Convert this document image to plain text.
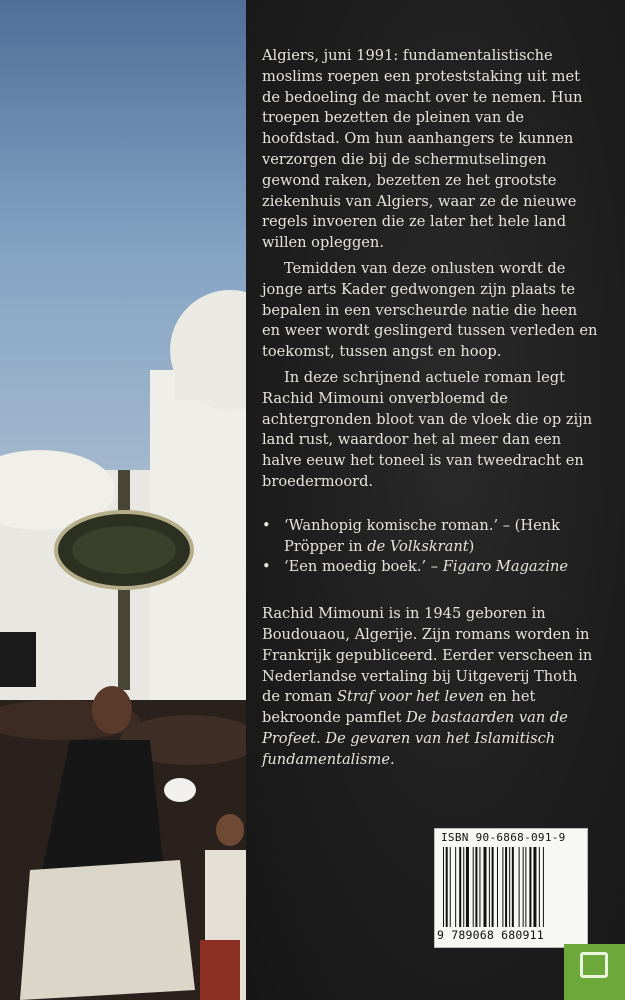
Algiers, juni 1991: fundamentalistische moslims roepen een proteststaking uit met de bedoeling de macht over te nemen. Hun troepen bezetten de pleinen van de hoofdstad. Om hun aanhangers te kunnen verzorgen die bij de schermutselingen gewond raken, bezetten ze het grootste ziekenhuis van Algiers, waar ze de nieuwe regels invoeren die ze later het hele land willen opleggen.

Temidden van deze onlusten wordt de jonge arts Kader gedwongen zijn plaats te bepalen in een verscheurde natie die heen en weer wordt geslingerd tussen verleden en toekomst, tussen angst en hoop.

In deze schrijnend actuele roman legt Rachid Mimouni onverbloemd de achtergronden bloot van de vloek die op zijn land rust, waardoor het al meer dan een halve eeuw het toneel is van tweedracht en broedermoord.

• ‘Wanhopig komische roman.’ – (Henk Pröpper in de Volkskrant)
• ‘Een moedig boek.’ – Figaro Magazine

Rachid Mimouni is in 1945 geboren in Boudouaou, Algerije. Zijn romans worden in Frankrijk gepubliceerd. Eerder verscheen in Nederlandse vertaling bij Uitgeverij Thoth de roman Straf voor het leven en het bekroonde pamflet De bastaarden van de Profeet. De gevaren van het Islamitisch fundamentalisme.

ISBN 90-6868-091-9
9 789068 680911
